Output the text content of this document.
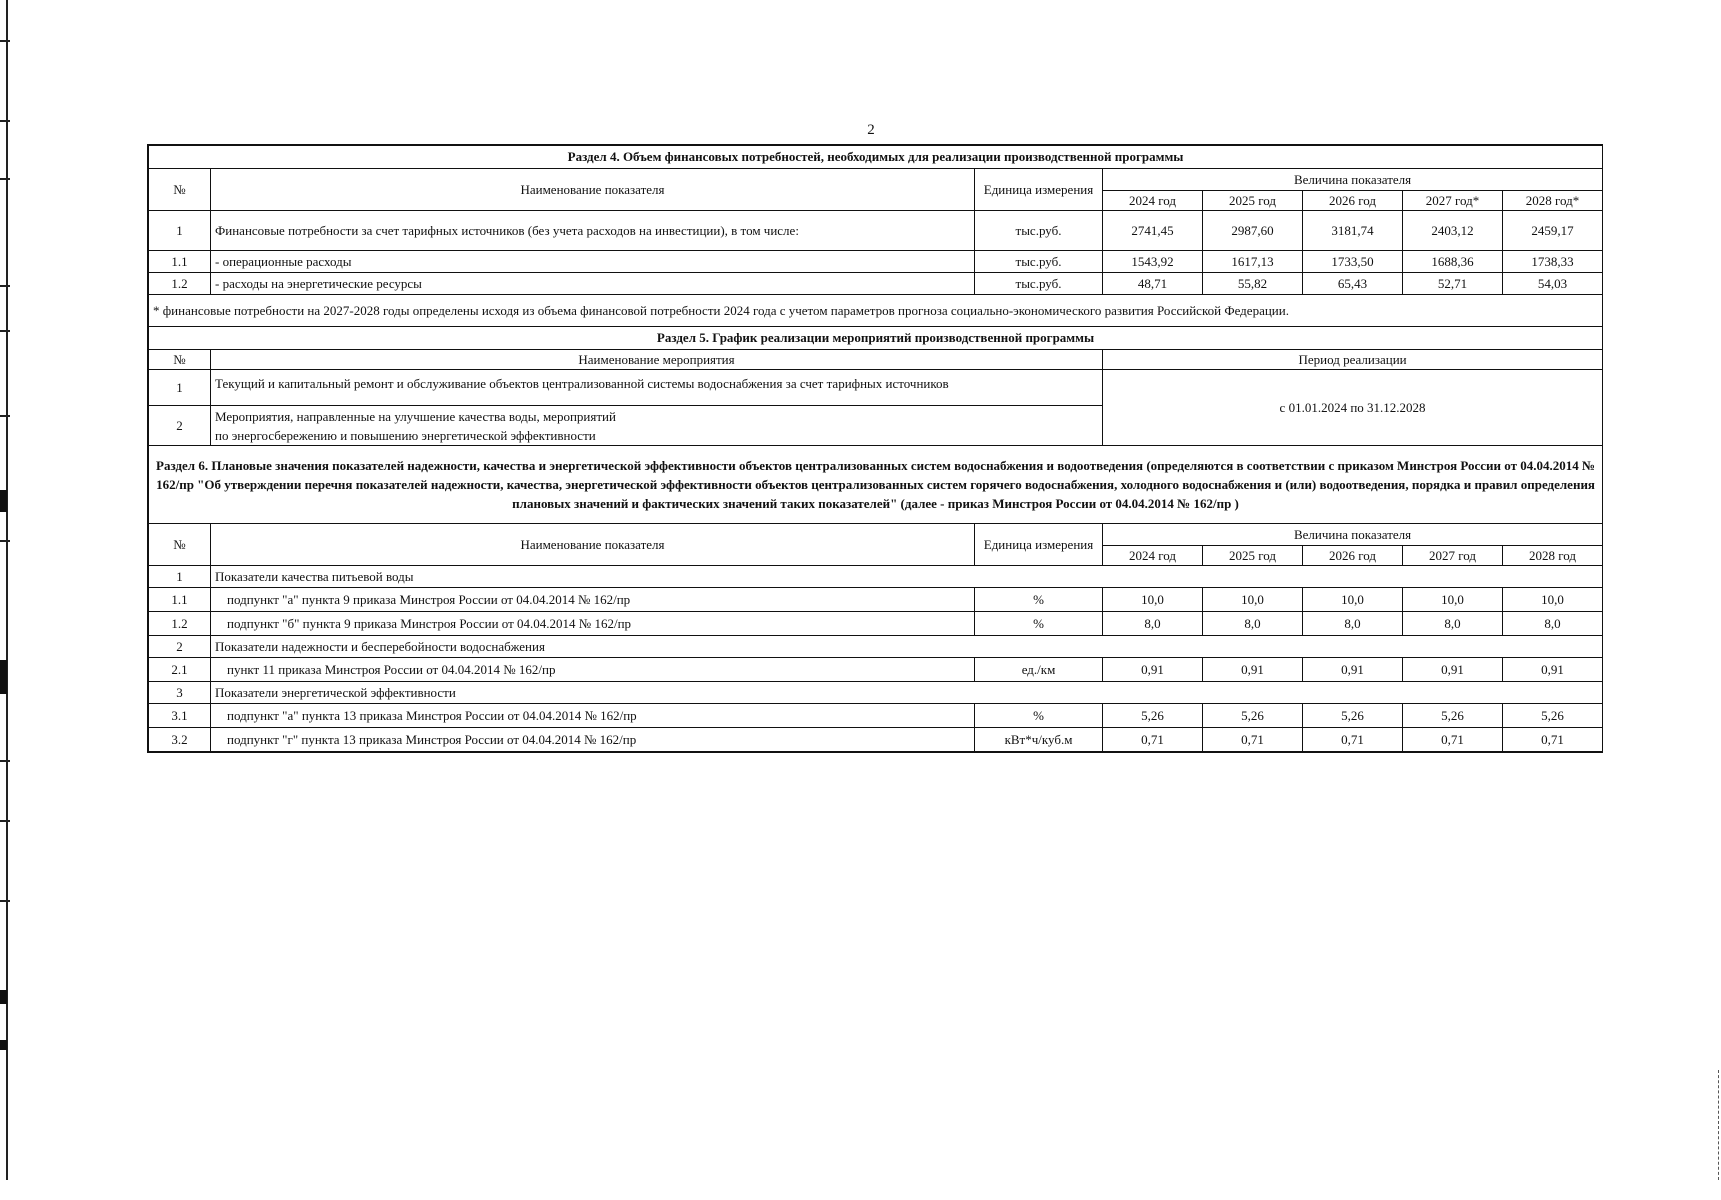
2
Раздел 4. Объем финансовых потребностей, необходимых для реализации производственной программы							
№	Наименование показателя	Единица измерения	Величина показателя				
			2024 год	2025 год	2026 год	2027 год*	2028 год*
1	Финансовые потребности за счет тарифных источников (без учета расходов на инвестиции), в том числе:	тыс.руб.	2741,45	2987,60	3181,74	2403,12	2459,17
1.1	- операционные расходы	тыс.руб.	1543,92	1617,13	1733,50	1688,36	1738,33
1.2	- расходы на энергетические ресурсы	тыс.руб.	48,71	55,82	65,43	52,71	54,03
* финансовые потребности на 2027-2028 годы определены исходя из объема финансовой потребности 2024 года с учетом параметров прогноза социально-экономического развития Российской Федерации.							
Раздел 5. График реализации мероприятий производственной программы							
№	Наименование мероприятия		Период реализации				
1	Текущий и капитальный ремонт и обслуживание объектов централизованной системы водоснабжения за счет тарифных источников		с 01.01.2024 по 31.12.2028				
2	Мероприятия, направленные на улучшение качества воды, мероприятий
по энергосбережению и повышению энергетической эффективности						

Раздел 6. Плановые значения показателей надежности, качества и энергетической эффективности объектов централизованных систем водоснабжения и водоотведения (определяются в соответствии с приказом Минстроя России от 04.04.2014 № 162/пр "Об утверждении перечня показателей надежности, качества, энергетической эффективности объектов централизованных систем горячего водоснабжения, холодного водоснабжения и (или) водоотведения, порядка и правил определения плановых значений и фактических значений таких показателей" (далее - приказ Минстроя России от 04.04.2014 № 162/пр )							
№	Наименование показателя	Единица измерения	Величина показателя				
			2024 год	2025 год	2026 год	2027 год	2028 год
1	Показатели качества питьевой воды						
1.1	подпункт "а" пункта 9 приказа Минстроя России от 04.04.2014 № 162/пр	%	10,0	10,0	10,0	10,0	10,0
1.2	подпункт "б" пункта 9 приказа Минстроя России от 04.04.2014 № 162/пр	%	8,0	8,0	8,0	8,0	8,0
2	Показатели надежности и бесперебойности водоснабжения						
2.1	пункт 11 приказа Минстроя России от 04.04.2014 № 162/пр	ед./км	0,91	0,91	0,91	0,91	0,91
3	Показатели энергетической эффективности						
3.1	подпункт "а" пункта 13 приказа Минстроя России от 04.04.2014 № 162/пр	%	5,26	5,26	5,26	5,26	5,26
3.2	подпункт "г" пункта 13 приказа Минстроя России от 04.04.2014 № 162/пр	кВт*ч/куб.м	0,71	0,71	0,71	0,71	0,71
